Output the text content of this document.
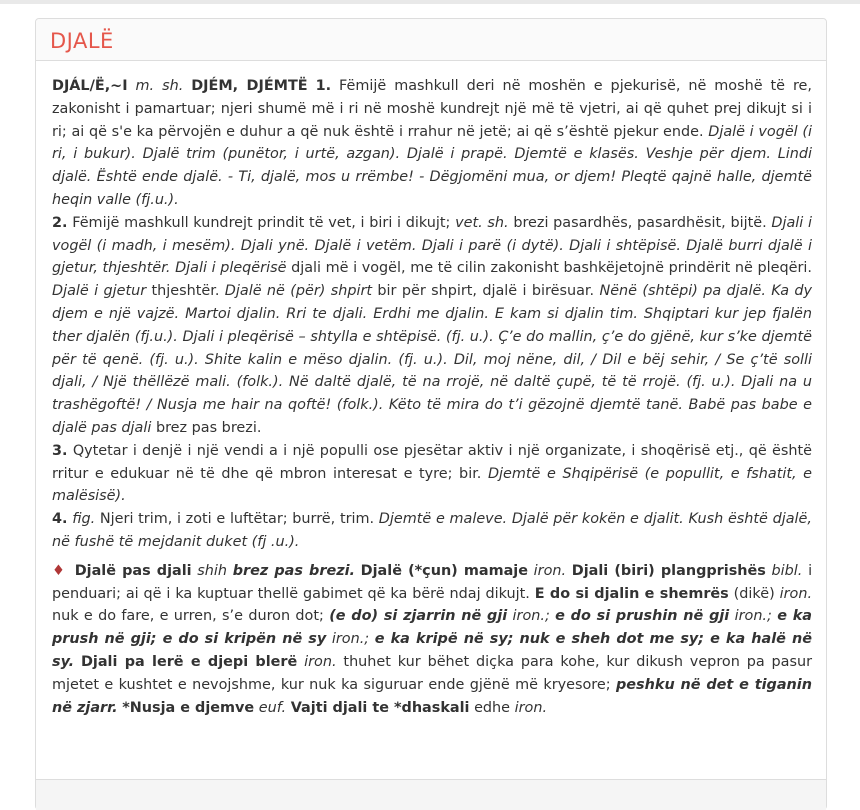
DJALË
DJÁL/Ë,~I m. sh. DJÉM, DJÉMTË 1. Fëmijë mashkull deri në moshën e pjekurisë, në moshë të re, zakonisht i pamartuar; njeri shumë më i ri në moshë kundrejt një më të vjetri, ai që quhet prej dikujt si i ri; ai që s'e ka përvojën e duhur a që nuk është i rrahur në jetë; ai që s’është pjekur ende. Djalë i vogël (i ri, i bukur). Djalë trim (punëtor, i urtë, azgan). Djalë i prapë. Djemtë e klasës. Veshje për djem. Lindi djalë. Është ende djalë. - Ti, djalë, mos u rrëmbe! - Dëgjomëni mua, or djem! Pleqtë qajnë halle, djemtë heqin valle (fj.u.).
2. Fëmijë mashkull kundrejt prindit të vet, i biri i dikujt; vet. sh. brezi pasardhës, pasardhësit, bijtë. Djali i vogël (i madh, i mesëm). Djali ynë. Djalë i vetëm. Djali i parë (i dytë). Djali i shtëpisë. Djalë burri djalë i gjetur, thjeshtër. Djali i pleqërisë djali më i vogël, me të cilin zakonisht bashkëjetojnë prindërit në pleqëri. Djalë i gjetur thjeshtër. Djalë në (për) shpirt bir për shpirt, djalë i birësuar. Nënë (shtëpi) pa djalë. Ka dy djem e një vajzë. Martoi djalin. Rri te djali. Erdhi me djalin. E kam si djalin tim. Shqiptari kur jep fjalën ther djalën (fj.u.). Djali i pleqërisë – shtylla e shtëpisë. (fj. u.). Ç’e do mallin, ç’e do gjënë, kur s’ke djemtë për të qenë. (fj. u.). Shite kalin e mëso djalin. (fj. u.). Dil, moj nëne, dil, / Dil e bëj sehir, / Se ç’të solli djali, / Një thëllëzë mali. (folk.). Në daltë djalë, të na rrojë, në daltë çupë, të të rrojë. (fj. u.). Djali na u trashëgoftë! / Nusja me hair na qoftë! (folk.). Këto të mira do t’i gëzojnë djemtë tanë. Babë pas babe e djalë pas djali brez pas brezi.
3. Qytetar i denjë i një vendi a i një populli ose pjesëtar aktiv i një organizate, i shoqërisë etj., që është rritur e edukuar në të dhe që mbron interesat e tyre; bir. Djemtë e Shqipërisë (e popullit, e fshatit, e malësisë).
4. fig. Njeri trim, i zoti e luftëtar; burrë, trim. Djemtë e maleve. Djalë për kokën e djalit. Kush është djalë, në fushë të mejdanit duket (fj .u.).
♦ Djalë pas djali shih brez pas brezi. Djalë (*çun) mamaje iron. Djali (biri) plangprishës bibl. i penduari; ai që i ka kuptuar thellë gabimet që ka bërë ndaj dikujt. E do si djalin e shemrës (dikë) iron. nuk e do fare, e urren, s’e duron dot; (e do) si zjarrin në gji iron.; e do si prushin në gji iron.; e ka prush në gji; e do si kripën në sy iron.; e ka kripë në sy; nuk e sheh dot me sy; e ka halë në sy. Djali pa lerë e djepi blerë iron. thuhet kur bëhet diçka para kohe, kur dikush vepron pa pasur mjetet e kushtet e nevojshme, kur nuk ka siguruar ende gjënë më kryesore; peshku në det e tiganin në zjarr. *Nusja e djemve euf. Vajti djali te *dhaskali edhe iron.
